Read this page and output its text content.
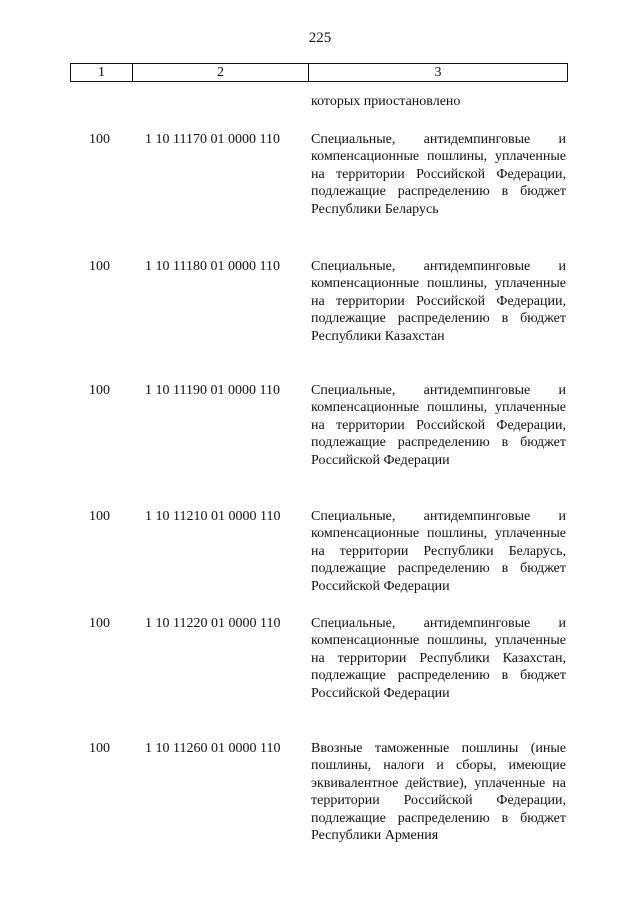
225
1	2	3
которых приостановлено
100	1 10 11170 01 0000 110 Специальные, антидемпинговые и компенсационные пошлины, уплаченные на территории Российской Федерации, подлежащие распределению в бюджет Республики Беларусь
100	1 10 11180 01 0000 110 Специальные, антидемпинговые и компенсационные пошлины, уплаченные на территории Российской Федерации, подлежащие распределению в бюджет Республики Казахстан
100	1 10 11190 01 0000 110 Специальные, антидемпинговые и компенсационные пошлины, уплаченные на территории Российской Федерации, подлежащие распределению в бюджет Российской Федерации
100	1 10 11210 01 0000 110 Специальные, антидемпинговые и компенсационные пошлины, уплаченные на территории Республики Беларусь, подлежащие распределению в бюджет Российской Федерации
100	1 10 11220 01 0000 110 Специальные, антидемпинговые и компенсационные пошлины, уплаченные на территории Республики Казахстан, подлежащие распределению в бюджет Российской Федерации
100	1 10 11260 01 0000 110 Ввозные таможенные пошлины (иные пошлины, налоги и сборы, имеющие эквивалентное действие), уплаченные на территории Российской Федерации, подлежащие распределению в бюджет Республики Армения
